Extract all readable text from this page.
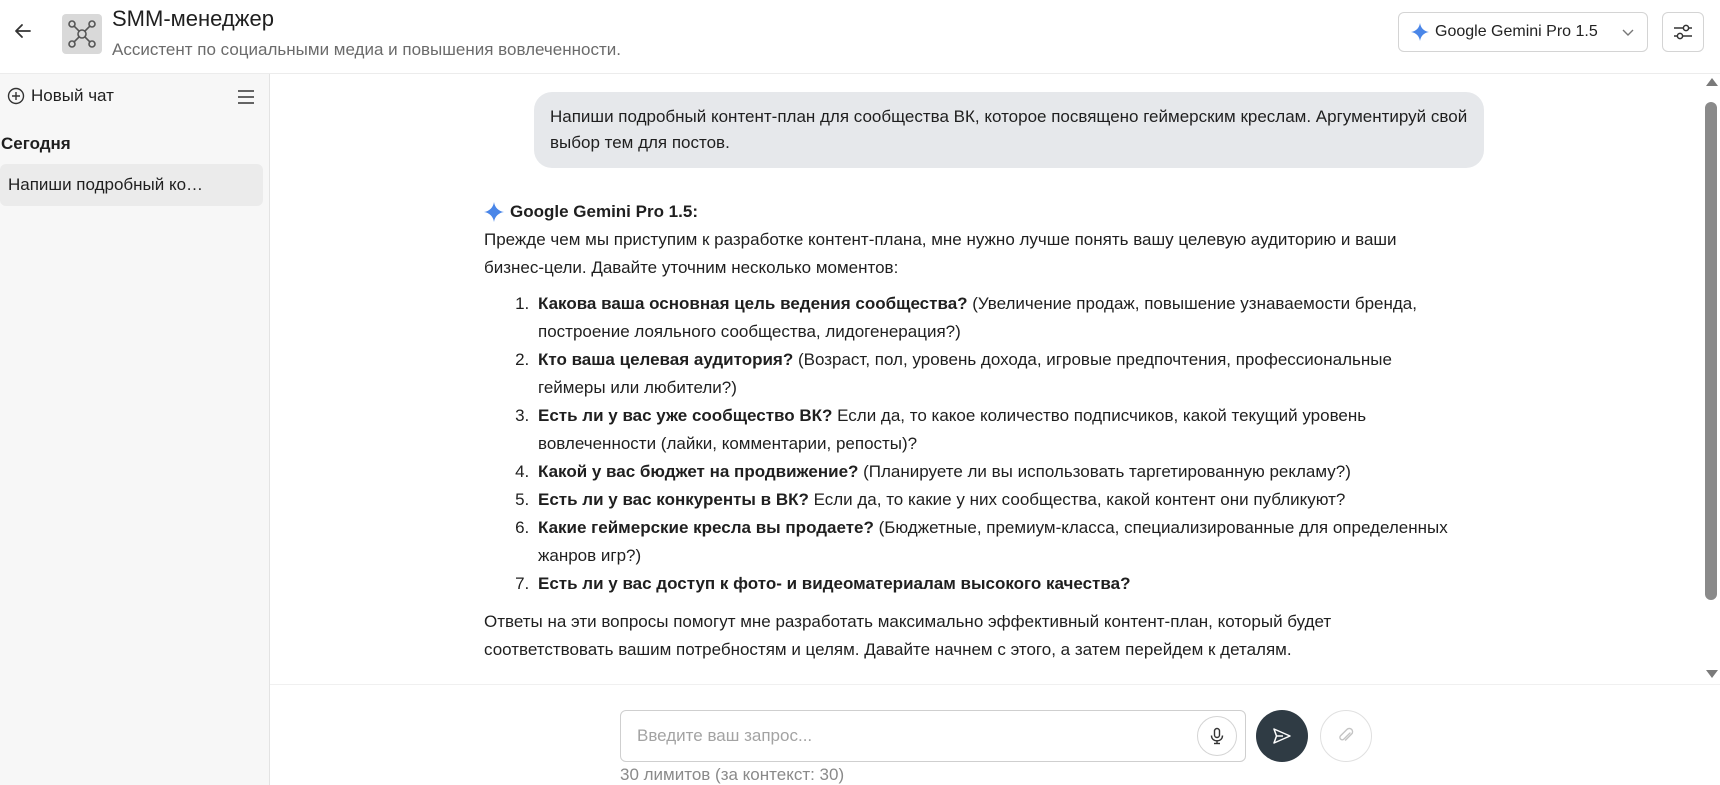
SMM-менеджер
Ассистент по социальными медиа и повышения вовлеченности.
Google Gemini Pro 1.5
Новый чат
Сегодня
Напиши подробный ко…
Напиши подробный контент-план для сообщества ВК, которое посвящено геймерским креслам. Аргументируй свой выбор тем для постов.
Google Gemini Pro 1.5:
Прежде чем мы приступим к разработке контент-плана, мне нужно лучше понять вашу целевую аудиторию и ваши бизнес-цели. Давайте уточним несколько моментов:
1. Какова ваша основная цель ведения сообщества? (Увеличение продаж, повышение узнаваемости бренда, построение лояльного сообщества, лидогенерация?)
2. Кто ваша целевая аудитория? (Возраст, пол, уровень дохода, игровые предпочтения, профессиональные геймеры или любители?)
3. Есть ли у вас уже сообщество ВК? Если да, то какое количество подписчиков, какой текущий уровень вовлеченности (лайки, комментарии, репосты)?
4. Какой у вас бюджет на продвижение? (Планируете ли вы использовать таргетированную рекламу?)
5. Есть ли у вас конкуренты в ВК? Если да, то какие у них сообщества, какой контент они публикуют?
6. Какие геймерские кресла вы продаете? (Бюджетные, премиум-класса, специализированные для определенных жанров игр?)
7. Есть ли у вас доступ к фото- и видеоматериалам высокого качества?
Ответы на эти вопросы помогут мне разработать максимально эффективный контент-план, который будет соответствовать вашим потребностям и целям. Давайте начнем с этого, а затем перейдем к деталям.
Введите ваш запрос...
30 лимитов (за контекст: 30)
